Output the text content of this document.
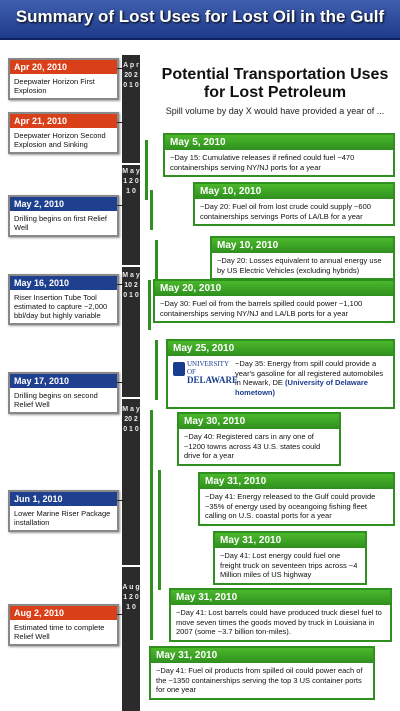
Summary of Lost Uses for Lost Oil in the Gulf
Potential Transportation Uses for Lost Petroleum
Spill volume by day X would have provided a year of ...
A p r 20 2 0 1 0
M a y 1 2 0 1 0
M a y 10 2 0 1 0
M a y 20 2 0 1 0
A u g 1 2 0 1 0
Apr 20, 2010
Deepwater Horizon First Explosion
Apr 21, 2010
Deepwater Horizon Second Explosion and Sinking
May 2, 2010
Drilling begins on first Relief Well
May 16, 2010
Riser Insertion Tube Tool estimated to capture ~2,000 bbl/day but highly variable
May 17, 2010
Drilling begins on second Relief Well
Jun 1, 2010
Lower Marine Riser Package installation
Aug 2, 2010
Estimated time to complete Relief Well
May 5, 2010
~Day 15: Cumulative releases if refined could fuel ~470 containerships serving NY/NJ ports for a year
May 10, 2010
~Day 20: Fuel oil from lost crude could supply ~600 containerships servings Ports of LA/LB for a year
May 10, 2010
~Day 20: Losses equivalent to annual energy use by US Electric Vehicles (excluding hybrids)
May 20, 2010
~Day 30: Fuel oil from the barrels spilled could power ~1,100 containerships serving NY/NJ and LA/LB ports for a year
May 25, 2010
UNIVERSITY OF
DELAWARE
~Day 35: Energy from spill could provide a year's gasoline for all registered automobiles in Newark, DE (University of Delaware hometown)
May 30, 2010
~Day 40: Registered cars in any one of ~1200 towns across 43 U.S. states could drive for a year
May 31, 2010
~Day 41: Energy released to the Gulf could provide ~35% of energy used by oceangoing fishing fleet calling on U.S. coastal ports for a year
May 31, 2010
~Day 41: Lost energy could fuel one freight truck on seventeen trips across ~4 Million miles of US highway
May 31, 2010
~Day 41: Lost barrels could have produced truck diesel fuel to move seven times the goods moved by truck in Louisiana in 2007 (some ~3.7 billion ton-miles).
May 31, 2010
~Day 41: Fuel oil products from spilled oil could power each of the ~1350 containerships serving the top 3 US container ports for one year
